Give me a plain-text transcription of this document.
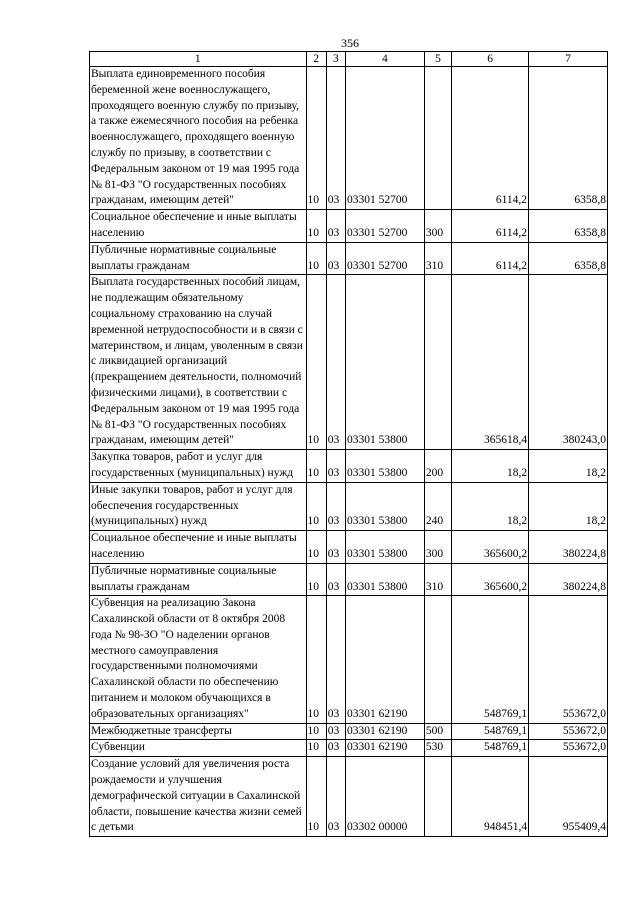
356
1	2	3	4	5	6	7
Выплата единовременного пособия беременной жене военнослужащего, проходящего военную службу по призыву, а также ежемесячного пособия на ребенка военнослужащего, проходящего военную службу по призыву, в соответствии с Федеральным законом от 19 мая 1995 года № 81-ФЗ "О государственных пособиях гражданам, имеющим детей"	10	03	03301 52700		6114,2	6358,8
Социальное обеспечение и иные выплаты населению	10	03	03301 52700	300	6114,2	6358,8
Публичные нормативные социальные выплаты гражданам	10	03	03301 52700	310	6114,2	6358,8
Выплата государственных пособий лицам, не подлежащим обязательному социальному страхованию на случай временной нетрудоспособности и в связи с материнством, и лицам, уволенным в связи с ликвидацией организаций (прекращением деятельности, полномочий физическими лицами), в соответствии с Федеральным законом от 19 мая 1995 года № 81-ФЗ "О государственных пособиях гражданам, имеющим детей"	10	03	03301 53800		365618,4	380243,0
Закупка товаров, работ и услуг для государственных (муниципальных) нужд	10	03	03301 53800	200	18,2	18,2
Иные закупки товаров, работ и услуг для обеспечения государственных (муниципальных) нужд	10	03	03301 53800	240	18,2	18,2
Социальное обеспечение и иные выплаты населению	10	03	03301 53800	300	365600,2	380224,8
Публичные нормативные социальные выплаты гражданам	10	03	03301 53800	310	365600,2	380224,8
Субвенция на реализацию Закона Сахалинской области от 8 октября 2008 года № 98-ЗО "О наделении органов местного самоуправления государственными полномочиями Сахалинской области по обеспечению питанием и молоком обучающихся в образовательных организациях"	10	03	03301 62190		548769,1	553672,0
Межбюджетные трансферты	10	03	03301 62190	500	548769,1	553672,0
Субвенции	10	03	03301 62190	530	548769,1	553672,0
Создание условий для увеличения роста рождаемости и улучшения демографической ситуации в Сахалинской области, повышение качества жизни семей с детьми	10	03	03302 00000		948451,4	955409,4
